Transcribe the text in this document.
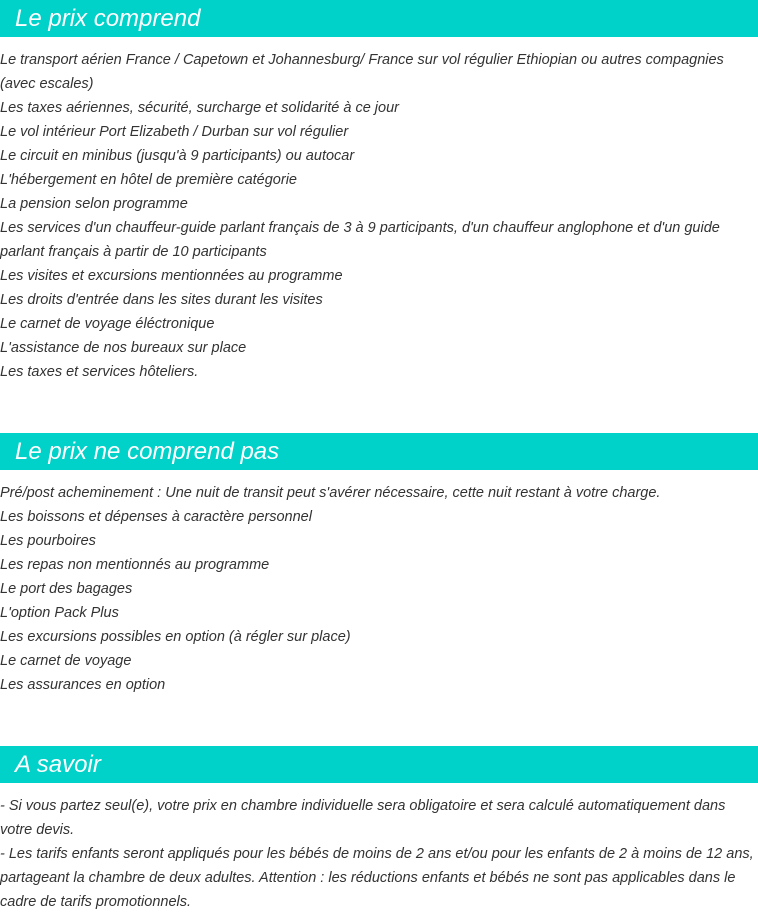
Le prix comprend
Le transport aérien France / Capetown et Johannesburg/ France sur vol régulier Ethiopian ou autres compagnies (avec escales)
Les taxes aériennes, sécurité, surcharge et solidarité à ce jour
Le vol intérieur Port Elizabeth / Durban sur vol régulier
Le circuit en minibus (jusqu'à 9 participants) ou autocar
L'hébergement en hôtel de première catégorie
La pension selon programme
Les services d'un chauffeur-guide parlant français de 3 à 9 participants, d'un chauffeur anglophone et d'un guide parlant français à partir de 10 participants
Les visites et excursions mentionnées au programme
Les droits d'entrée dans les sites durant les visites
Le carnet de voyage éléctronique
L'assistance de nos bureaux sur place
Les taxes et services hôteliers.
Le prix ne comprend pas
Pré/post acheminement : Une nuit de transit peut s'avérer nécessaire, cette nuit restant à votre charge.
Les boissons et dépenses à caractère personnel
Les pourboires
Les repas non mentionnés au programme
Le port des bagages
L'option Pack Plus
Les excursions possibles en option (à régler sur place)
Le carnet de voyage
Les assurances en option
A savoir
- Si vous partez seul(e), votre prix en chambre individuelle sera obligatoire et sera calculé automatiquement dans votre devis.
- Les tarifs enfants seront appliqués pour les bébés de moins de 2 ans et/ou pour les enfants de 2 à moins de 12 ans, partageant la chambre de deux adultes. Attention : les réductions enfants et bébés ne sont pas applicables dans le cadre de tarifs promotionnels.
